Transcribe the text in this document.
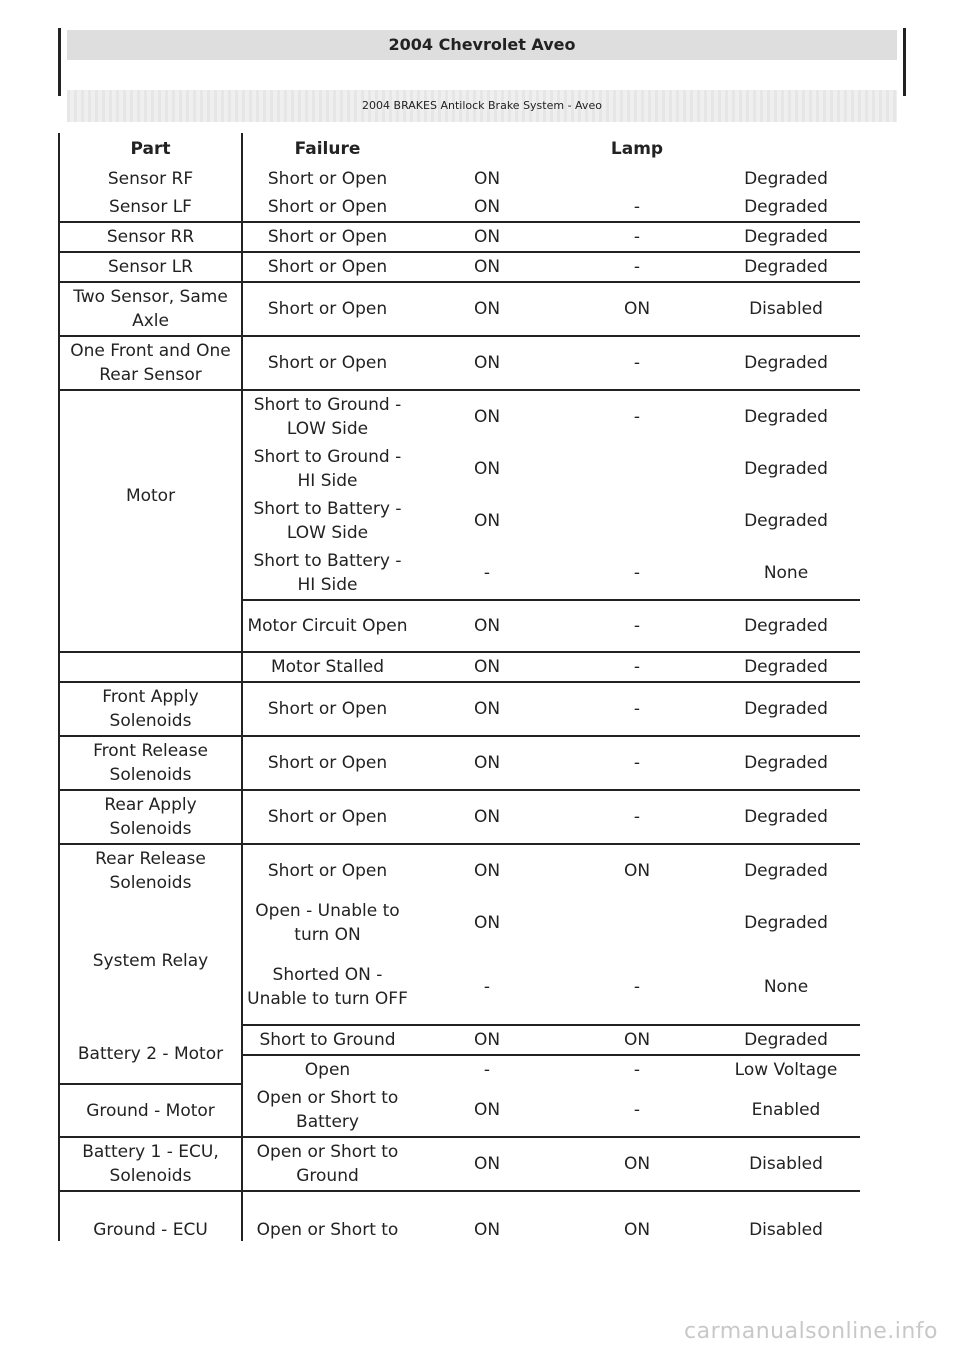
2004 Chevrolet Aveo
2004 BRAKES Antilock Brake System - Aveo
Part	Failure		Lamp	
Sensor RF	Short or Open	ON		Degraded
Sensor LF	Short or Open	ON	-	Degraded
Sensor RR	Short or Open	ON	-	Degraded
Sensor LR	Short or Open	ON	-	Degraded
Two Sensor, Same Axle	Short or Open	ON	ON	Disabled
One Front and One Rear Sensor	Short or Open	ON	-	Degraded
Motor	Short to Ground - LOW Side	ON	-	Degraded
	Short to Ground - HI Side	ON		Degraded
	Short to Battery - LOW Side	ON		Degraded
	Short to Battery - HI Side	-	-	None
	Motor Circuit Open	ON	-	Degraded
	Motor Stalled	ON	-	Degraded
Front Apply Solenoids	Short or Open	ON	-	Degraded
Front Release Solenoids	Short or Open	ON	-	Degraded
Rear Apply Solenoids	Short or Open	ON	-	Degraded
Rear Release Solenoids	Short or Open	ON	ON	Degraded
System Relay	Open - Unable to turn ON	ON		Degraded
	Shorted ON - Unable to turn OFF	-	-	None
Battery 2 - Motor	Short to Ground	ON	ON	Degraded
	Open	-	-	Low Voltage
Ground - Motor	Open or Short to Battery	ON	-	Enabled
Battery 1 - ECU, Solenoids	Open or Short to Ground	ON	ON	Disabled
Ground - ECU	Open or Short to	ON	ON	Disabled
carmanualsonline.info
